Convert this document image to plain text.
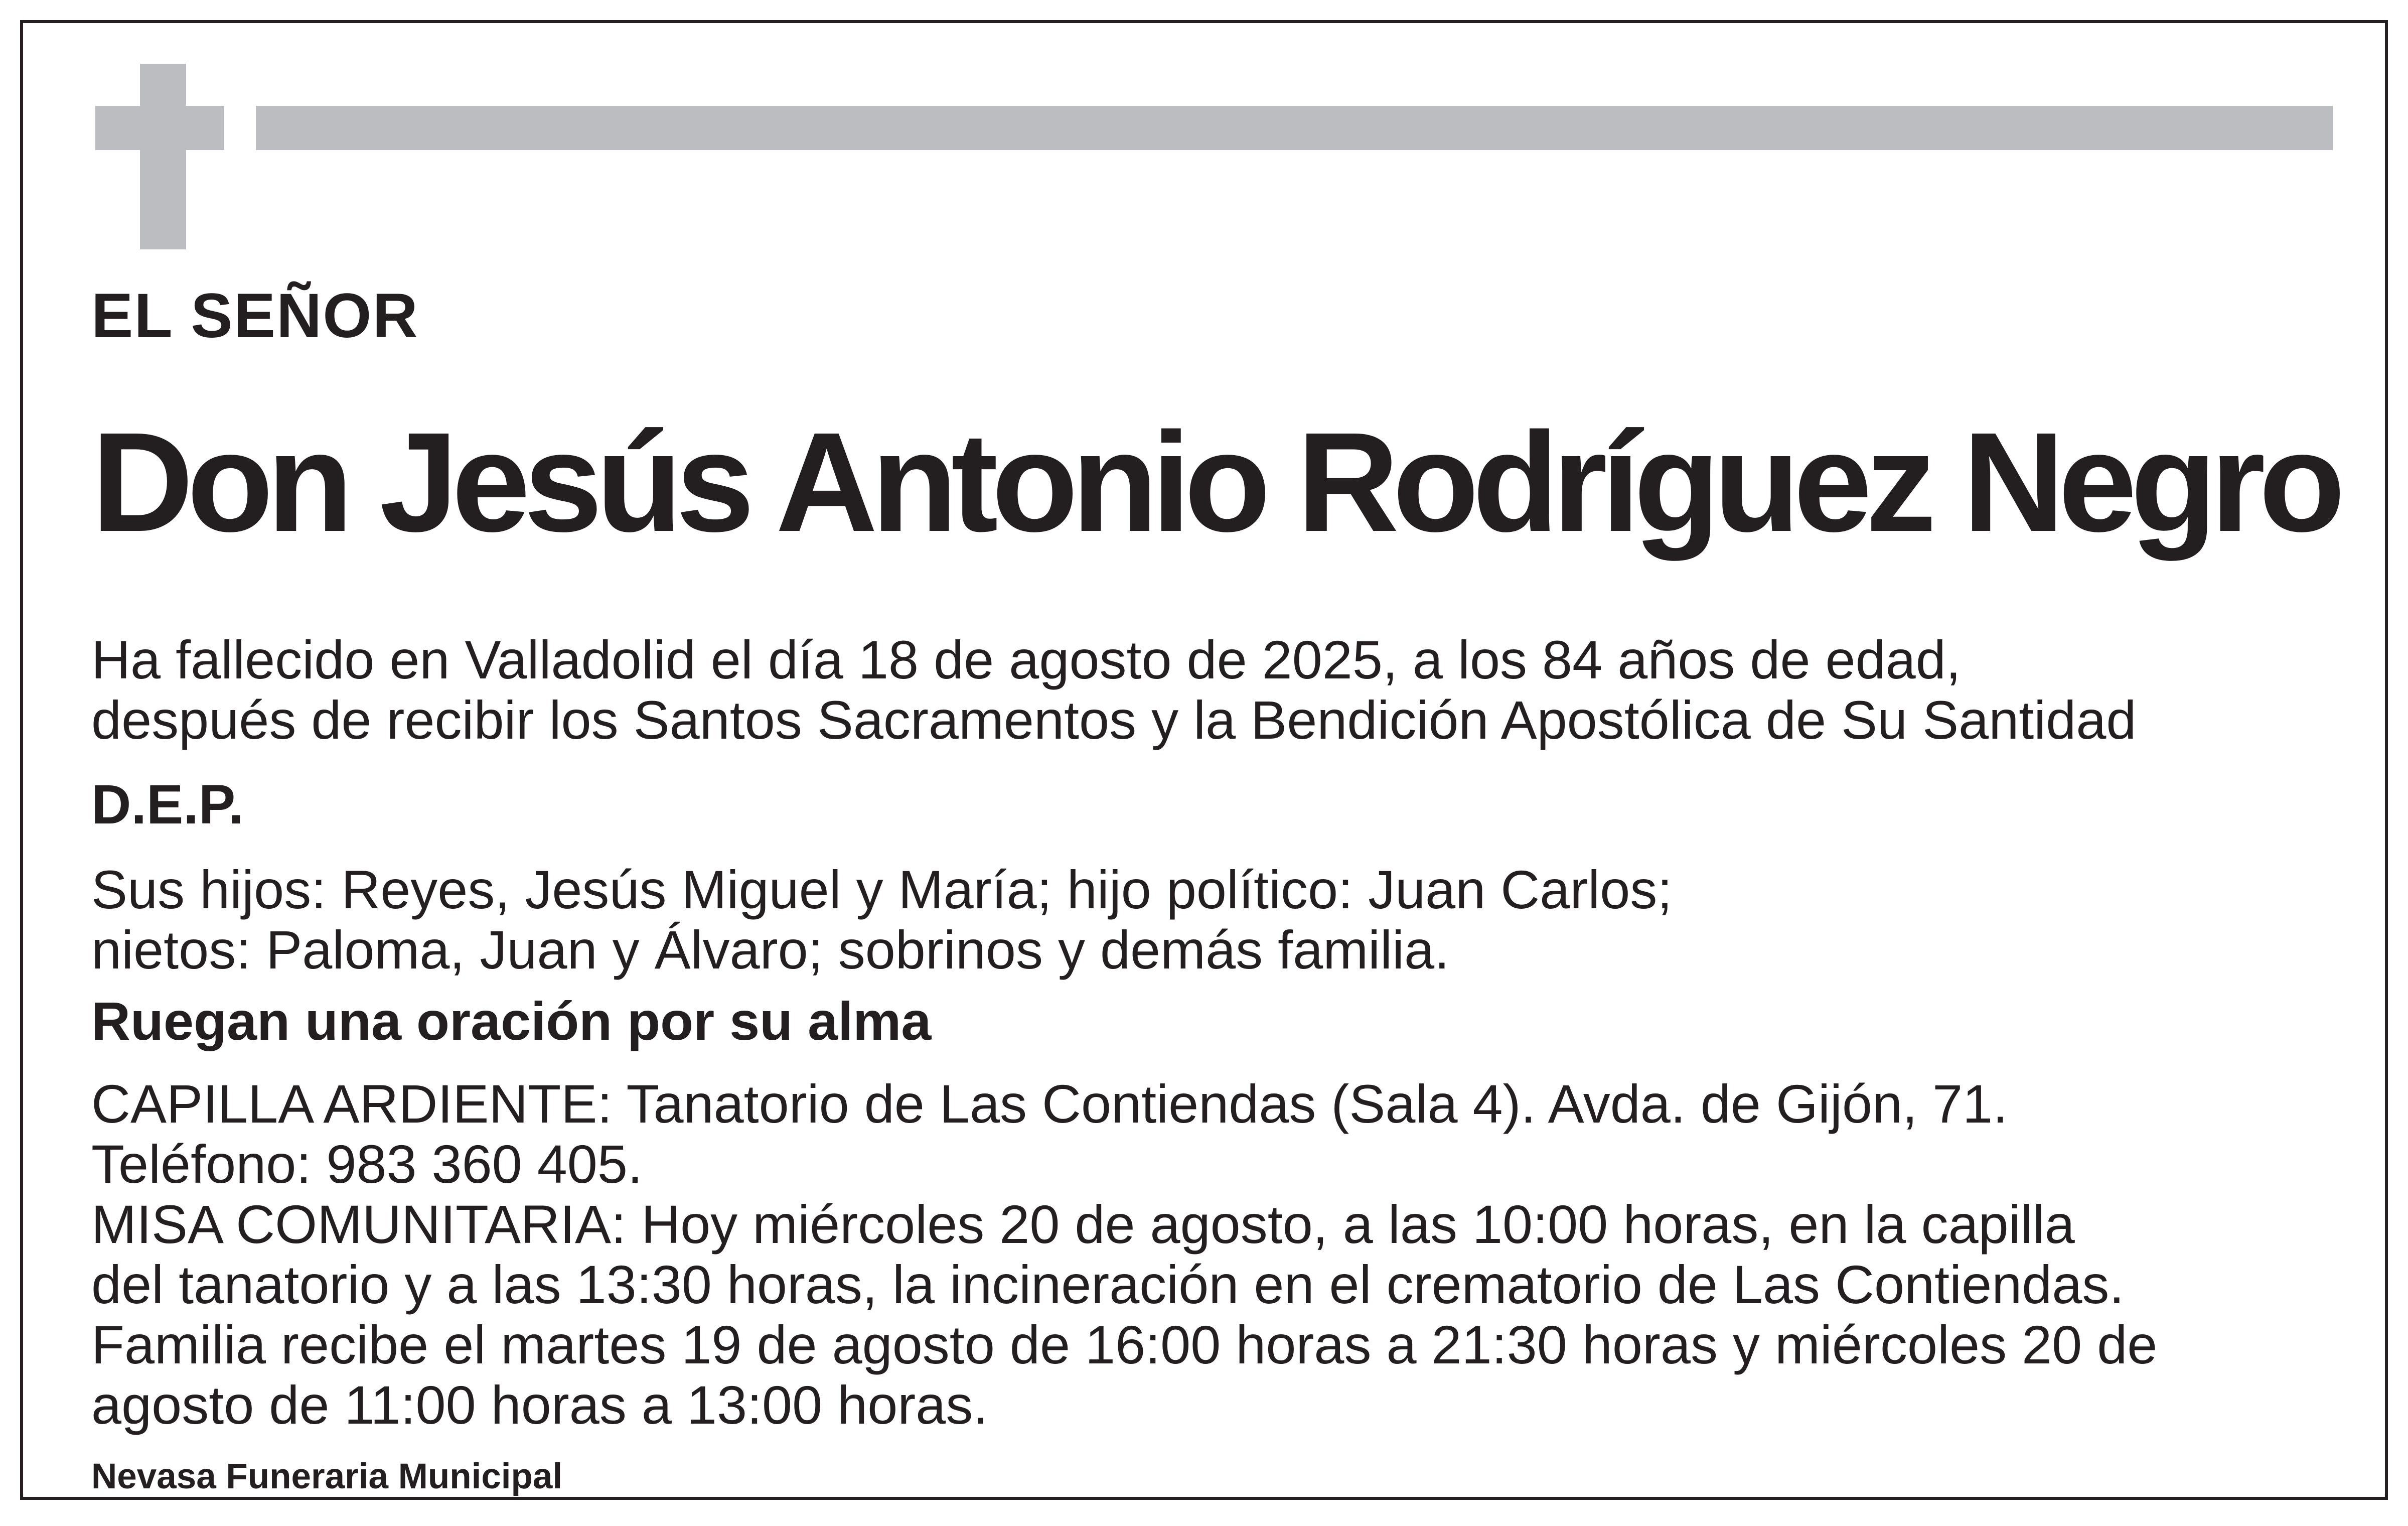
EL SEÑOR
Don Jesús Antonio Rodríguez Negro
Ha fallecido en Valladolid el día 18 de agosto de 2025, a los 84 años de edad,
después de recibir los Santos Sacramentos y la Bendición Apostólica de Su Santidad
D.E.P.
Sus hijos: Reyes, Jesús Miguel y María; hijo político: Juan Carlos;
nietos: Paloma, Juan y Álvaro; sobrinos y demás familia.
Ruegan una oración por su alma
CAPILLA ARDIENTE: Tanatorio de Las Contiendas (Sala 4). Avda. de Gijón, 71.
Teléfono: 983 360 405.
MISA COMUNITARIA: Hoy miércoles 20 de agosto, a las 10:00 horas, en la capilla
del tanatorio y a las 13:30 horas, la incineración en el crematorio de Las Contiendas.
Familia recibe el martes 19 de agosto de 16:00 horas a 21:30 horas y miércoles 20 de
agosto de 11:00 horas a 13:00 horas.
Nevasa Funeraria Municipal
